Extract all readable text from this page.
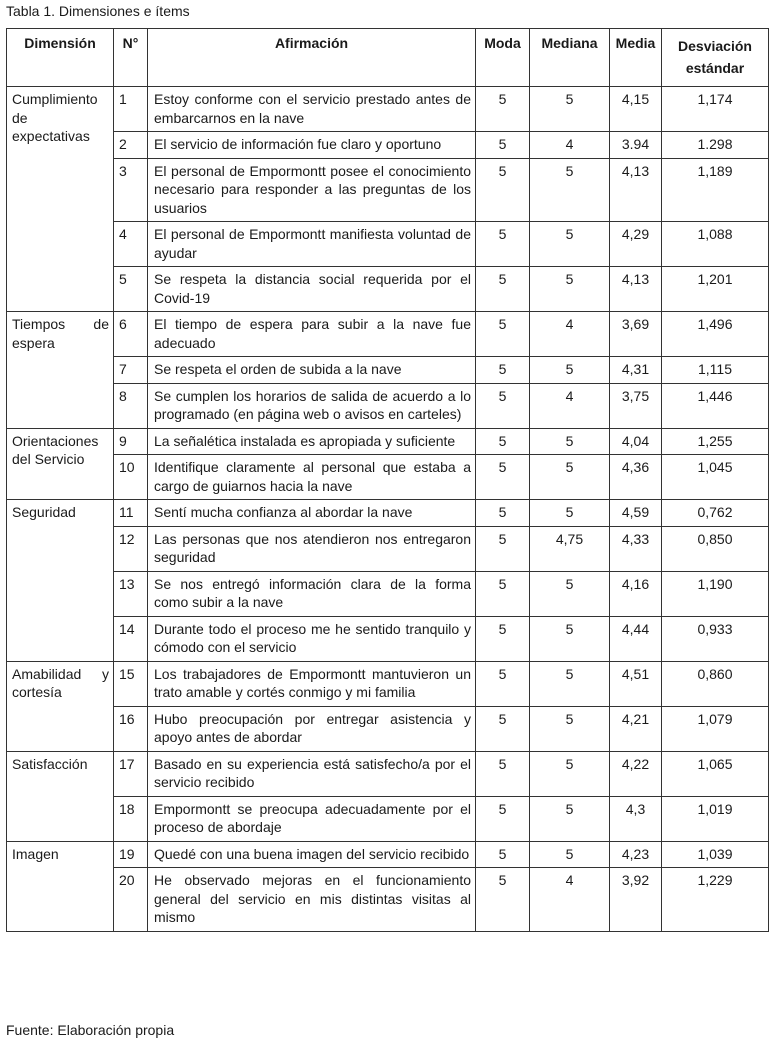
Tabla 1. Dimensiones e ítems
Dimensión	N°	Afirmación	Moda	Mediana	Media	Desviación
estándar

Cumplimiento de expectativas	1	Estoy conforme con el servicio prestado antes de embarcarnos en la nave	5	5	4,15	1,174
	2	El servicio de información fue claro y oportuno	5	4	3.94	1.298
	3	El personal de Empormontt posee el conocimiento necesario para responder a las preguntas de los usuarios	5	5	4,13	1,189
	4	El personal de Empormontt manifiesta voluntad de ayudar	5	5	4,29	1,088
	5	Se respeta la distancia social requerida por el Covid-19	5	5	4,13	1,201
Tiempos de espera	6	El tiempo de espera para subir a la nave fue adecuado	5	4	3,69	1,496
	7	Se respeta el orden de subida a la nave	5	5	4,31	1,115
	8	Se cumplen los horarios de salida de acuerdo a lo programado (en página web o avisos en carteles)	5	4	3,75	1,446
Orientaciones del Servicio	9	La señalética instalada es apropiada y suficiente	5	5	4,04	1,255
	10	Identifique claramente al personal que estaba a cargo de guiarnos hacia la nave	5	5	4,36	1,045
Seguridad	11	Sentí mucha confianza al abordar la nave	5	5	4,59	0,762
	12	Las personas que nos atendieron nos entregaron seguridad	5	4,75	4,33	0,850
	13	Se nos entregó información clara de la forma como subir a la nave	5	5	4,16	1,190
	14	Durante todo el proceso me he sentido tranquilo y cómodo con el servicio	5	5	4,44	0,933
Amabilidad y cortesía	15	Los trabajadores de Empormontt mantuvieron un trato amable y cortés conmigo y mi familia	5	5	4,51	0,860
	16	Hubo preocupación por entregar asistencia y apoyo antes de abordar	5	5	4,21	1,079
Satisfacción	17	Basado en su experiencia está satisfecho/a por el servicio recibido	5	5	4,22	1,065
	18	Empormontt se preocupa adecuadamente por el proceso de abordaje	5	5	4,3	1,019
Imagen	19	Quedé con una buena imagen del servicio recibido	5	5	4,23	1,039
	20	He observado mejoras en el funcionamiento general del servicio en mis distintas visitas al mismo	5	4	3,92	1,229
Fuente: Elaboración propia
